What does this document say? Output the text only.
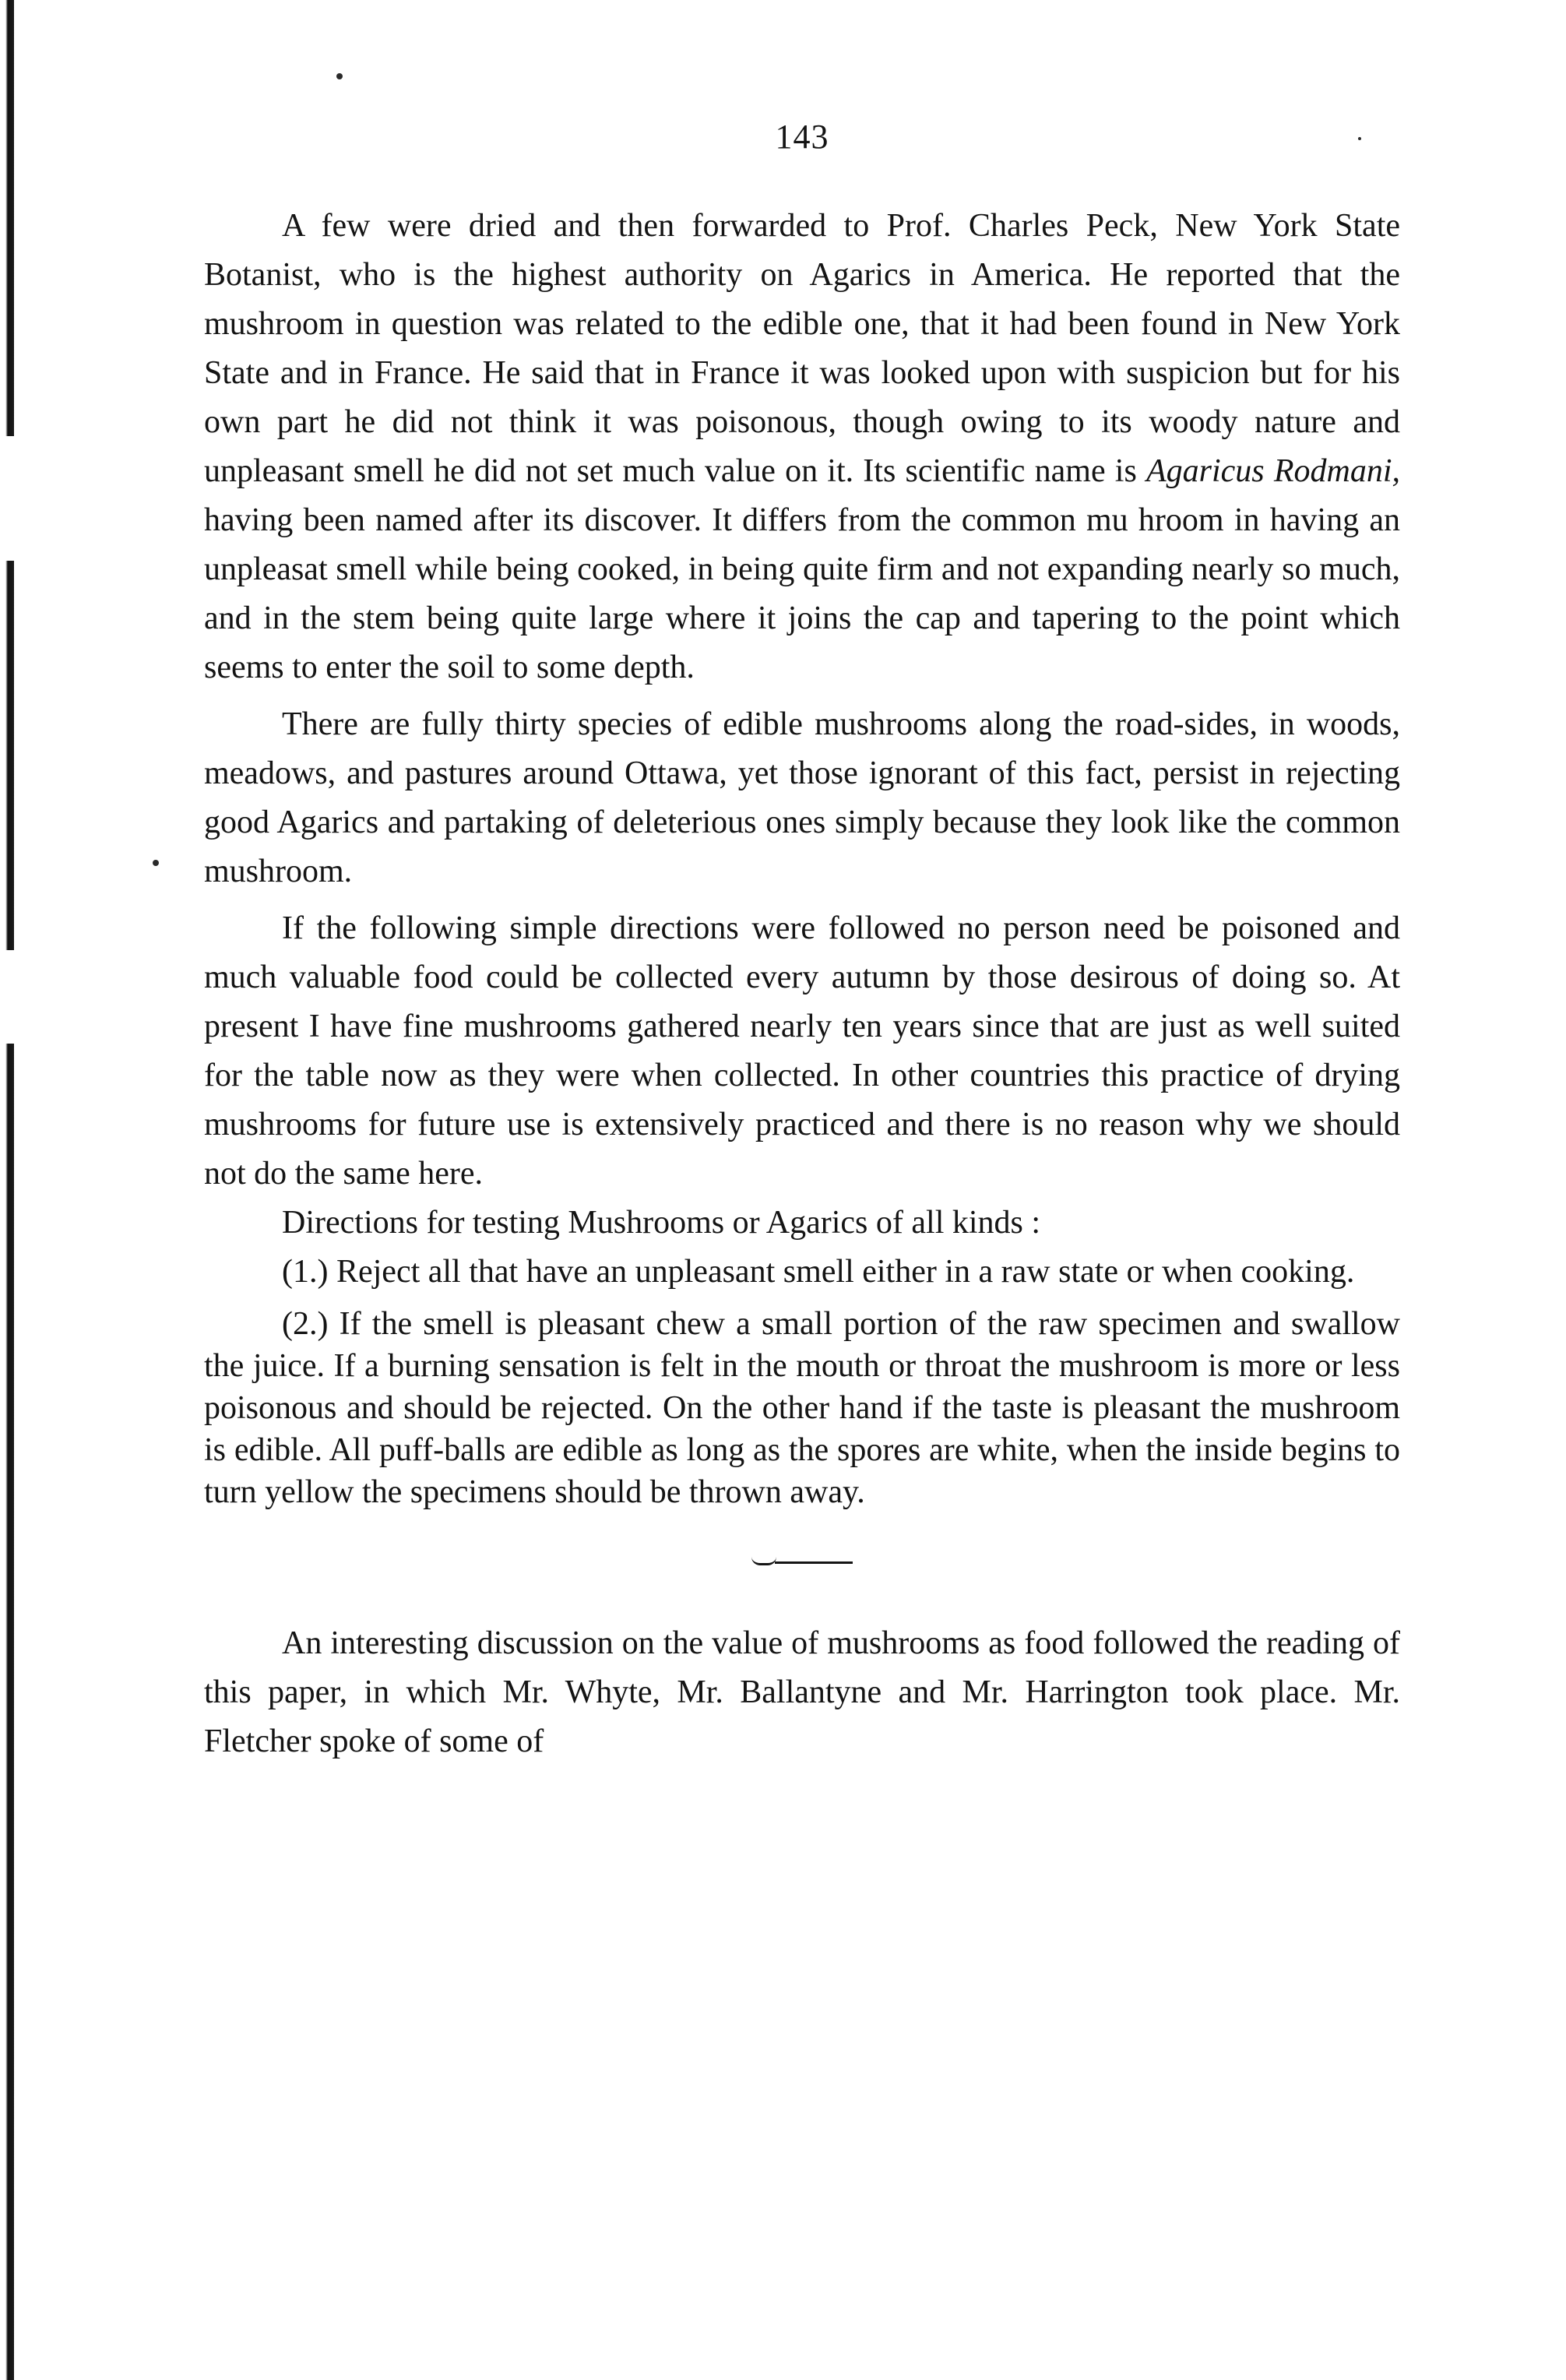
143

A few were dried and then forwarded to Prof. Charles Peck, New York State Botanist, who is the highest authority on Agarics in America. He reported that the mushroom in question was related to the edible one, that it had been found in New York State and in France. He said that in France it was looked upon with suspicion but for his own part he did not think it was poisonous, though owing to its woody nature and unpleasant smell he did not set much value on it. Its scientific name is Agaricus Rodmani, having been named after its discover. It differs from the common mu hroom in having an unpleasat smell while being cooked, in being quite firm and not expanding nearly so much, and in the stem being quite large where it joins the cap and tapering to the point which seems to enter the soil to some depth.

There are fully thirty species of edible mushrooms along the road-sides, in woods, meadows, and pastures around Ottawa, yet those ignorant of this fact, persist in rejecting good Agarics and partaking of deleterious ones simply because they look like the common mushroom.

If the following simple directions were followed no person need be poisoned and much valuable food could be collected every autumn by those desirous of doing so. At present I have fine mushrooms gathered nearly ten years since that are just as well suited for the table now as they were when collected. In other countries this practice of drying mushrooms for future use is extensively practiced and there is no reason why we should not do the same here.

Directions for testing Mushrooms or Agarics of all kinds :

(1.) Reject all that have an unpleasant smell either in a raw state or when cooking.

(2.) If the smell is pleasant chew a small portion of the raw specimen and swallow the juice. If a burning sensation is felt in the mouth or throat the mushroom is more or less poisonous and should be rejected. On the other hand if the taste is pleasant the mushroom is edible. All puff-balls are edible as long as the spores are white, when the inside begins to turn yellow the specimens should be thrown away.

An interesting discussion on the value of mushrooms as food followed the reading of this paper, in which Mr. Whyte, Mr. Ballantyne and Mr. Harrington took place. Mr. Fletcher spoke of some of
